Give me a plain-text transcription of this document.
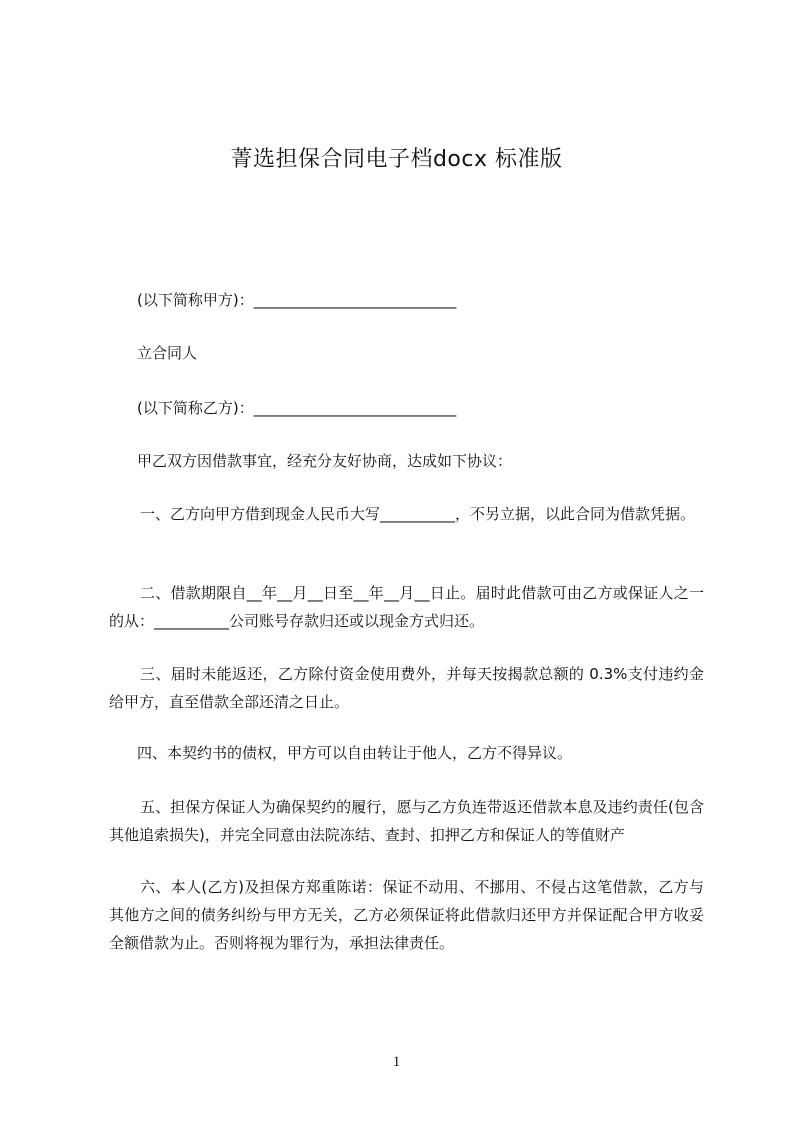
菁选担保合同电子档docx 标准版
(以下简称甲方)：___________________________
立合同人
(以下简称乙方)：___________________________
甲乙双方因借款事宜，经充分友好协商，达成如下协议：
一、乙方向甲方借到现金人民币大写__________，不另立据，以此合同为借款凭据。
二、借款期限自__年__月__日至__年__月__日止。届时此借款可由乙方或保证人之一的从：__________公司账号存款归还或以现金方式归还。
三、届时未能返还，乙方除付资金使用费外，并每天按揭款总额的 0.3%支付违约金给甲方，直至借款全部还清之日止。
四、本契约书的债权，甲方可以自由转让于他人，乙方不得异议。
五、担保方保证人为确保契约的履行，愿与乙方负连带返还借款本息及违约责任(包含其他追索损失)，并完全同意由法院冻结、查封、扣押乙方和保证人的等值财产
六、本人(乙方)及担保方郑重陈诺：保证不动用、不挪用、不侵占这笔借款，乙方与其他方之间的债务纠纷与甲方无关，乙方必须保证将此借款归还甲方并保证配合甲方收妥全额借款为止。否则将视为罪行为，承担法律责任。
1
